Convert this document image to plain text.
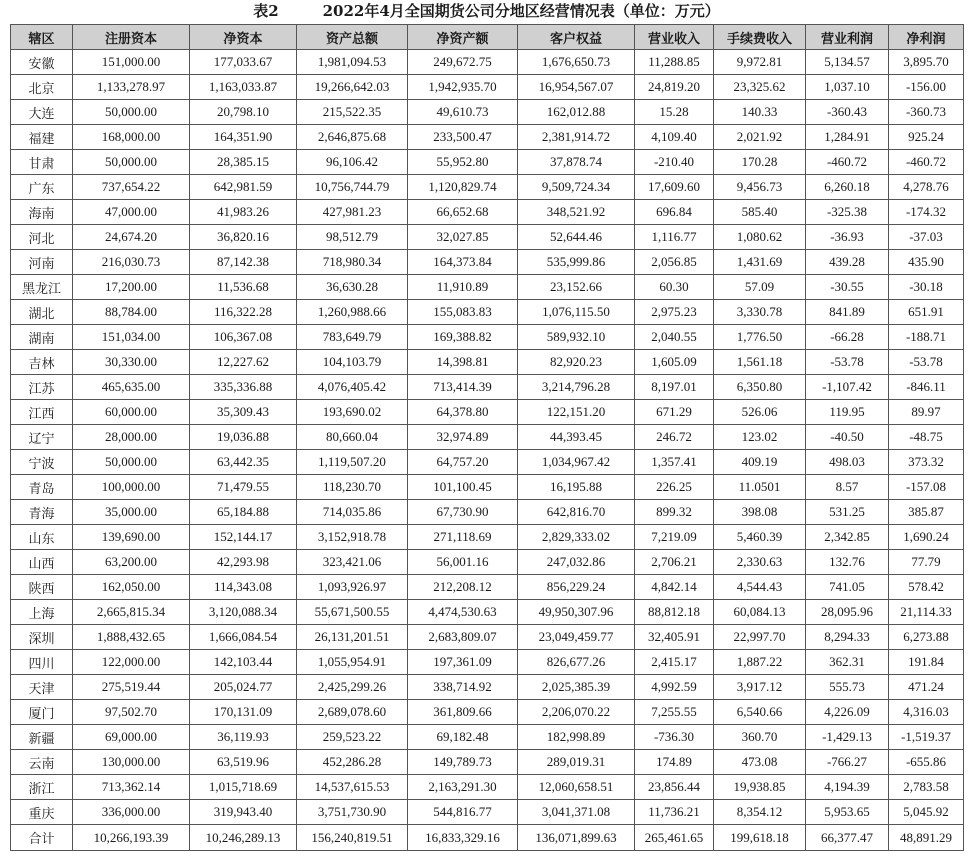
表2	2022年4月全国期货公司分地区经营情况表（单位：万元）
辖区	注册资本	净资本	资产总额	净资产额	客户权益	营业收入	手续费收入	营业利润	净利润
安徽	151,000.00	177,033.67	1,981,094.53	249,672.75	1,676,650.73	11,288.85	9,972.81	5,134.57	3,895.70
北京	1,133,278.97	1,163,033.87	19,266,642.03	1,942,935.70	16,954,567.07	24,819.20	23,325.62	1,037.10	-156.00
大连	50,000.00	20,798.10	215,522.35	49,610.73	162,012.88	15.28	140.33	-360.43	-360.73
福建	168,000.00	164,351.90	2,646,875.68	233,500.47	2,381,914.72	4,109.40	2,021.92	1,284.91	925.24
甘肃	50,000.00	28,385.15	96,106.42	55,952.80	37,878.74	-210.40	170.28	-460.72	-460.72
广东	737,654.22	642,981.59	10,756,744.79	1,120,829.74	9,509,724.34	17,609.60	9,456.73	6,260.18	4,278.76
海南	47,000.00	41,983.26	427,981.23	66,652.68	348,521.92	696.84	585.40	-325.38	-174.32
河北	24,674.20	36,820.16	98,512.79	32,027.85	52,644.46	1,116.77	1,080.62	-36.93	-37.03
河南	216,030.73	87,142.38	718,980.34	164,373.84	535,999.86	2,056.85	1,431.69	439.28	435.90
黑龙江	17,200.00	11,536.68	36,630.28	11,910.89	23,152.66	60.30	57.09	-30.55	-30.18
湖北	88,784.00	116,322.28	1,260,988.66	155,083.83	1,076,115.50	2,975.23	3,330.78	841.89	651.91
湖南	151,034.00	106,367.08	783,649.79	169,388.82	589,932.10	2,040.55	1,776.50	-66.28	-188.71
吉林	30,330.00	12,227.62	104,103.79	14,398.81	82,920.23	1,605.09	1,561.18	-53.78	-53.78
江苏	465,635.00	335,336.88	4,076,405.42	713,414.39	3,214,796.28	8,197.01	6,350.80	-1,107.42	-846.11
江西	60,000.00	35,309.43	193,690.02	64,378.80	122,151.20	671.29	526.06	119.95	89.97
辽宁	28,000.00	19,036.88	80,660.04	32,974.89	44,393.45	246.72	123.02	-40.50	-48.75
宁波	50,000.00	63,442.35	1,119,507.20	64,757.20	1,034,967.42	1,357.41	409.19	498.03	373.32
青岛	100,000.00	71,479.55	118,230.70	101,100.45	16,195.88	226.25	11.0501	8.57	-157.08
青海	35,000.00	65,184.88	714,035.86	67,730.90	642,816.70	899.32	398.08	531.25	385.87
山东	139,690.00	152,144.17	3,152,918.78	271,118.69	2,829,333.02	7,219.09	5,460.39	2,342.85	1,690.24
山西	63,200.00	42,293.98	323,421.06	56,001.16	247,032.86	2,706.21	2,330.63	132.76	77.79
陕西	162,050.00	114,343.08	1,093,926.97	212,208.12	856,229.24	4,842.14	4,544.43	741.05	578.42
上海	2,665,815.34	3,120,088.34	55,671,500.55	4,474,530.63	49,950,307.96	88,812.18	60,084.13	28,095.96	21,114.33
深圳	1,888,432.65	1,666,084.54	26,131,201.51	2,683,809.07	23,049,459.77	32,405.91	22,997.70	8,294.33	6,273.88
四川	122,000.00	142,103.44	1,055,954.91	197,361.09	826,677.26	2,415.17	1,887.22	362.31	191.84
天津	275,519.44	205,024.77	2,425,299.26	338,714.92	2,025,385.39	4,992.59	3,917.12	555.73	471.24
厦门	97,502.70	170,131.09	2,689,078.60	361,809.66	2,206,070.22	7,255.55	6,540.66	4,226.09	4,316.03
新疆	69,000.00	36,119.93	259,523.22	69,182.48	182,998.89	-736.30	360.70	-1,429.13	-1,519.37
云南	130,000.00	63,519.96	452,286.28	149,789.73	289,019.31	174.89	473.08	-766.27	-655.86
浙江	713,362.14	1,015,718.69	14,537,615.53	2,163,291.30	12,060,658.51	23,856.44	19,938.85	4,194.39	2,783.58
重庆	336,000.00	319,943.40	3,751,730.90	544,816.77	3,041,371.08	11,736.21	8,354.12	5,953.65	5,045.92
合计	10,266,193.39	10,246,289.13	156,240,819.51	16,833,329.16	136,071,899.63	265,461.65	199,618.18	66,377.47	48,891.29
